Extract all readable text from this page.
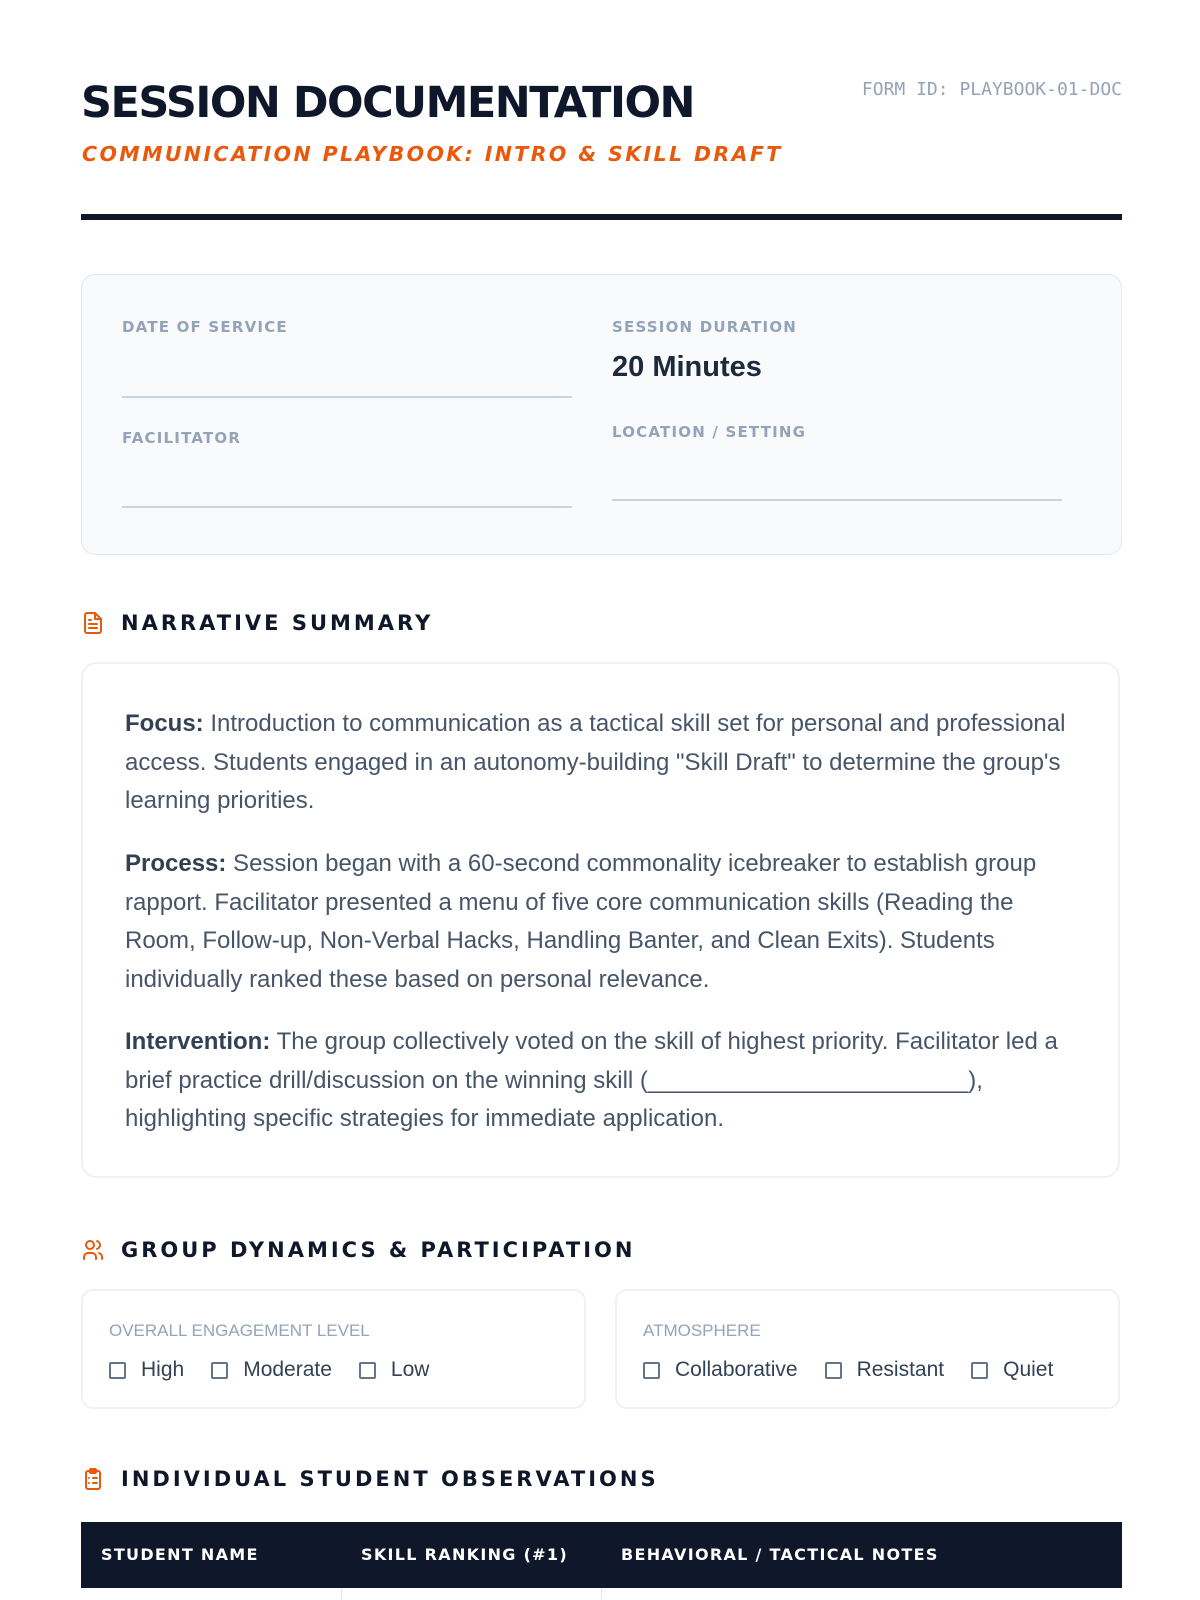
SESSION DOCUMENTATION
COMMUNICATION PLAYBOOK: INTRO & SKILL DRAFT
FORM ID: PLAYBOOK-01-DOC
DATE OF SERVICE
FACILITATOR
SESSION DURATION
20 Minutes
LOCATION / SETTING
NARRATIVE SUMMARY
Focus: Introduction to communication as a tactical skill set for personal and professional access. Students engaged in an autonomy-building "Skill Draft" to determine the group's learning priorities.
Process: Session began with a 60-second commonality icebreaker to establish group rapport. Facilitator presented a menu of five core communication skills (Reading the Room, Follow-up, Non-Verbal Hacks, Handling Banter, and Clean Exits). Students individually ranked these based on personal relevance.
Intervention: The group collectively voted on the skill of highest priority. Facilitator led a brief practice drill/discussion on the winning skill (________________________), highlighting specific strategies for immediate application.
GROUP DYNAMICS & PARTICIPATION
OVERALL ENGAGEMENT LEVEL
High	Moderate	Low
ATMOSPHERE
Collaborative	Resistant	Quiet
INDIVIDUAL STUDENT OBSERVATIONS
STUDENT NAME	SKILL RANKING (#1)	BEHAVIORAL / TACTICAL NOTES
